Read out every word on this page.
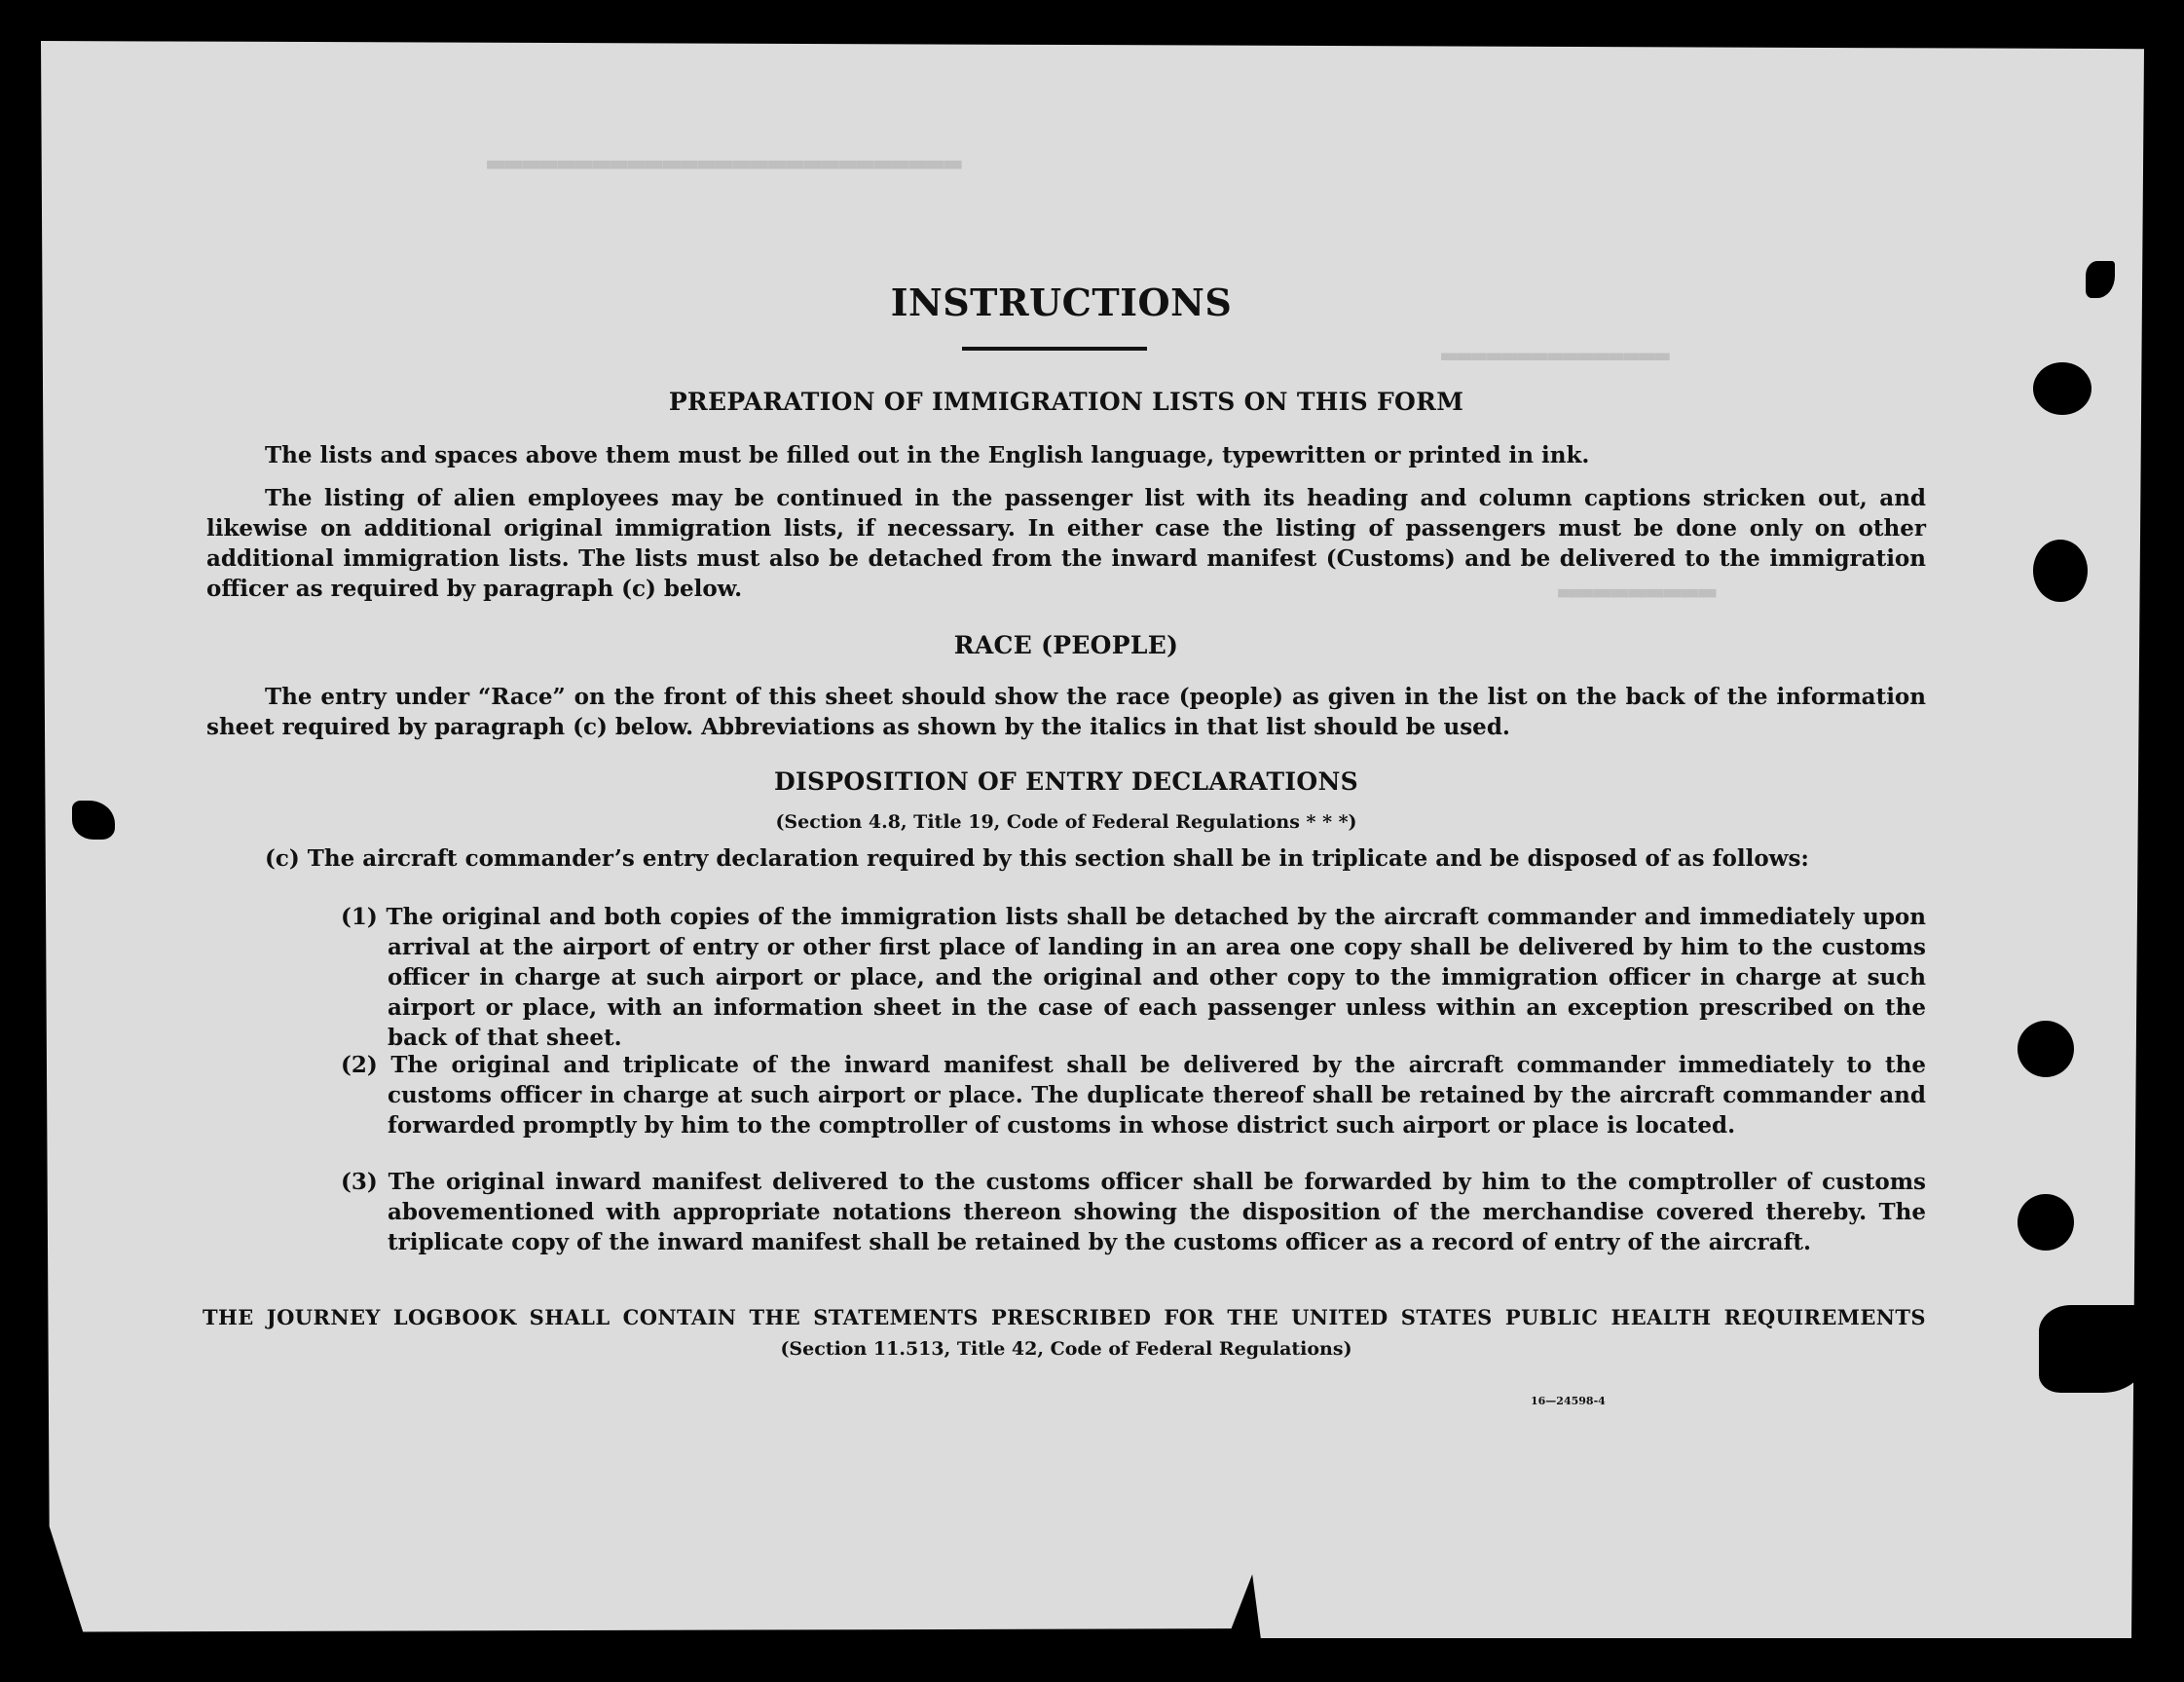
▬▬▬▬▬▬▬▬▬▬▬▬▬▬▬▬▬▬▬▬▬▬▬▬▬▬▬
▬▬▬▬▬▬▬▬▬▬▬▬▬▬▬
▬▬▬▬▬▬▬▬▬
INSTRUCTIONS
PREPARATION OF IMMIGRATION LISTS ON THIS FORM

The lists and spaces above them must be filled out in the English language, typewritten or printed in ink.

The listing of alien employees may be continued in the passenger list with its heading and column captions stricken out, and likewise on additional original immigration lists, if necessary. In either case the listing of passengers must be done only on other additional immigration lists. The lists must also be detached from the inward manifest (Customs) and be delivered to the immigration officer as required by paragraph (c) below.

RACE (PEOPLE)

The entry under “Race” on the front of this sheet should show the race (people) as given in the list on the back of the information sheet required by paragraph (c) below. Abbreviations as shown by the italics in that list should be used.

DISPOSITION OF ENTRY DECLARATIONS
(Section 4.8, Title 19, Code of Federal Regulations * * *)

(c) The aircraft commander’s entry declaration required by this section shall be in triplicate and be disposed of as follows:

(1) The original and both copies of the immigration lists shall be detached by the aircraft commander and immediately upon arrival at the airport of entry or other first place of landing in an area one copy shall be delivered by him to the customs officer in charge at such airport or place, and the original and other copy to the immigration officer in charge at such airport or place, with an information sheet in the case of each passenger unless within an exception prescribed on the back of that sheet.

(2) The original and triplicate of the inward manifest shall be delivered by the aircraft commander immediately to the customs officer in charge at such airport or place. The duplicate thereof shall be retained by the aircraft commander and forwarded promptly by him to the comptroller of customs in whose district such airport or place is located.

(3) The original inward manifest delivered to the customs officer shall be forwarded by him to the comptroller of customs abovementioned with appropriate notations thereon showing the disposition of the merchandise covered thereby. The triplicate copy of the inward manifest shall be retained by the customs officer as a record of entry of the aircraft.

THE JOURNEY LOGBOOK SHALL CONTAIN THE STATEMENTS PRESCRIBED FOR THE UNITED STATES PUBLIC HEALTH REQUIREMENTS
(Section 11.513, Title 42, Code of Federal Regulations)
16—24598-4
